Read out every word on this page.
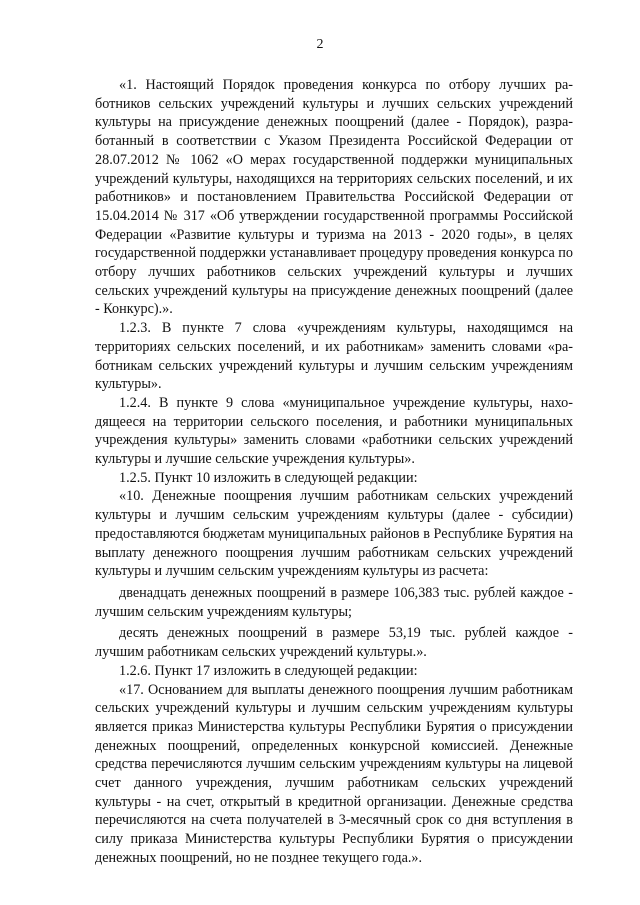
2

«1. Настоящий Порядок проведения конкурса по отбору лучших работников сельских учреждений культуры и лучших сельских учреждений культуры на присуждение денежных поощрений (далее - Порядок), разработанный в соответствии с Указом Президента Российской Федерации от 28.07.2012 № 1062 «О мерах государственной поддержки муниципальных учреждений культуры, находящихся на территориях сельских поселений, и их работников» и постановлением Правительства Российской Федерации от 15.04.2014 № 317 «Об утверждении государственной программы Российской Федерации «Развитие культуры и туризма на 2013 - 2020 годы», в целях государственной поддержки устанавливает процедуру проведения конкурса по отбору лучших работников сельских учреждений культуры и лучших сельских учреждений культуры на присуждение денежных поощрений (далее - Конкурс).».

1.2.3. В пункте 7 слова «учреждениям культуры, находящимся на территориях сельских поселений, и их работникам» заменить словами «работникам сельских учреждений культуры и лучшим сельским учреждениям культуры».

1.2.4. В пункте 9 слова «муниципальное учреждение культуры, находящееся на территории сельского поселения, и работники муниципальных учреждения культуры» заменить словами «работники сельских учреждений культуры и лучшие сельские учреждения культуры».

1.2.5. Пункт 10 изложить в следующей редакции:

«10. Денежные поощрения лучшим работникам сельских учреждений культуры и лучшим сельским учреждениям культуры (далее - субсидии) предоставляются бюджетам муниципальных районов в Республике Бурятия на выплату денежного поощрения лучшим работникам сельских учреждений культуры и лучшим сельским учреждениям культуры из расчета:

двенадцать денежных поощрений в размере 106,383 тыс. рублей каждое - лучшим сельским учреждениям культуры;

десять денежных поощрений в размере 53,19 тыс. рублей каждое - лучшим работникам сельских учреждений культуры.».

1.2.6. Пункт 17 изложить в следующей редакции:

«17. Основанием для выплаты денежного поощрения лучшим работникам сельских учреждений культуры и лучшим сельским учреждениям культуры является приказ Министерства культуры Республики Бурятия о присуждении денежных поощрений, определенных конкурсной комиссией. Денежные средства перечисляются лучшим сельским учреждениям культуры на лицевой счет данного учреждения, лучшим работникам сельских учреждений культуры - на счет, открытый в кредитной организации. Денежные средства перечисляются на счета получателей в 3-месячный срок со дня вступления в силу приказа Министерства культуры Республики Бурятия о присуждении денежных поощрений, но не позднее текущего года.».
